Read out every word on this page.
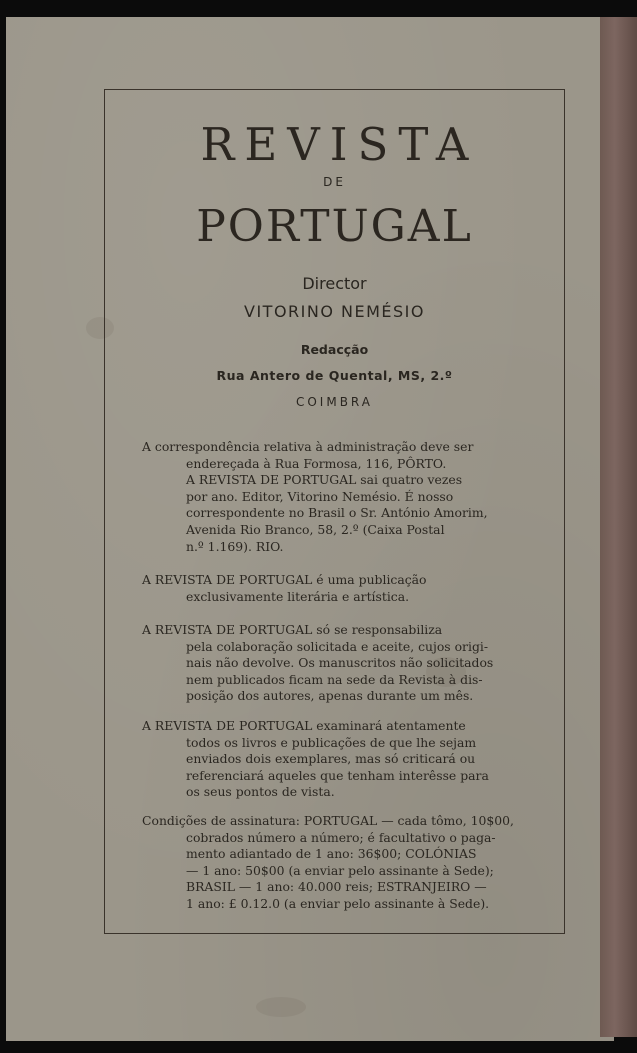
REVISTA
DE
PORTUGAL
Director
VITORINO NEMÉSIO
Redacção
Rua Antero de Quental, MS, 2.º
COIMBRA
A correspondência relativa à administração deve ser
endereçada à Rua Formosa, 116, PÔRTO.
A REVISTA DE PORTUGAL sai quatro vezes
por ano. Editor, Vitorino Nemésio. É nosso
correspondente no Brasil o Sr. António Amorim,
Avenida Rio Branco, 58, 2.º (Caixa Postal
n.º 1.169). RIO.
A REVISTA DE PORTUGAL é uma publicação
exclusivamente literária e artística.
A REVISTA DE PORTUGAL só se responsabiliza
pela colaboração solicitada e aceite, cujos origi-
nais não devolve. Os manuscritos não solicitados
nem publicados ficam na sede da Revista à dis-
posição dos autores, apenas durante um mês.
A REVISTA DE PORTUGAL examinará atentamente
todos os livros e publicações de que lhe sejam
enviados dois exemplares, mas só criticará ou
referenciará aqueles que tenham interêsse para
os seus pontos de vista.
Condições de assinatura: PORTUGAL — cada tômo, 10$00,
cobrados número a número; é facultativo o paga-
mento adiantado de 1 ano: 36$00; COLÓNIAS
— 1 ano: 50$00 (a enviar pelo assinante à Sede);
BRASIL — 1 ano: 40.000 reis; ESTRANJEIRO —
1 ano: £ 0.12.0 (a enviar pelo assinante à Sede).
